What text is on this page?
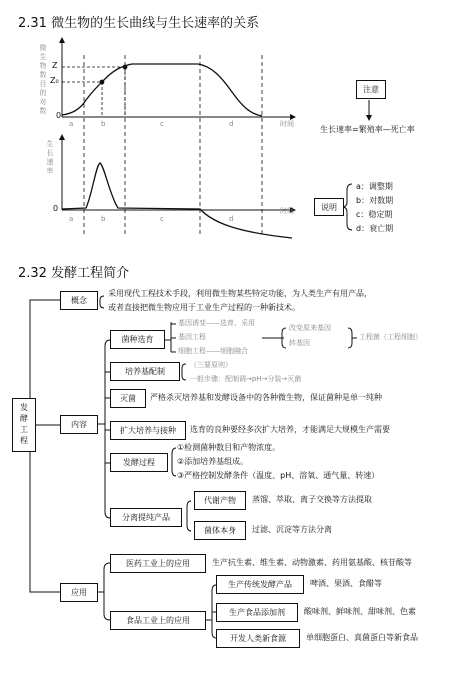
2.31 微生物的生长曲线与生长速率的关系
微生物数目的对数 Z
Z₀
0
a	b	c	d	时间
生长速率
0
a	b	c	d
时间
注意
生长速率=繁殖率—死亡率
说明
a：调整期
b：对数期
c：稳定期
d：衰亡期
2.32 发酵工程简介
发酵工程
概念
采用现代工程技术手段，利用微生物某些特定功能，为人类生产有用产品，
或者直接把微生物应用于工业生产过程的一种新技术。
内容
菌种选育
基因诱变——选育、采用
基因工程
细胞工程——细胞融合
改变原来基因
转基因
工程菌（工程细胞）
培养基配制
（三要原则）
一般步骤：配制调→pH→分装→灭菌
灭菌	严格杀灭培养基和发酵设备中的各种微生物，保证菌种是单一纯种
扩大培养与接种	选育的良种要经多次扩大培养，才能满足大规模生产需要
发酵过程
①检测菌种数目和产物浓度。
②添加培养基组成。
③严格控制发酵条件（温度、pH、溶氧、通气量、转速）
分离提纯产品
代谢产物	蒸馏、萃取、离子交换等方法提取
菌体本身	过滤、沉淀等方法分离
应用
医药工业上的应用	生产抗生素、维生素、动物激素、药用氨基酸、核苷酸等
食品工业上的应用
生产传统发酵产品	啤酒、果酒、食醋等
生产食品添加剂	酸味剂、鲜味剂、甜味剂、色素
开发人类新食源	单细胞蛋白、真菌蛋白等新食品
